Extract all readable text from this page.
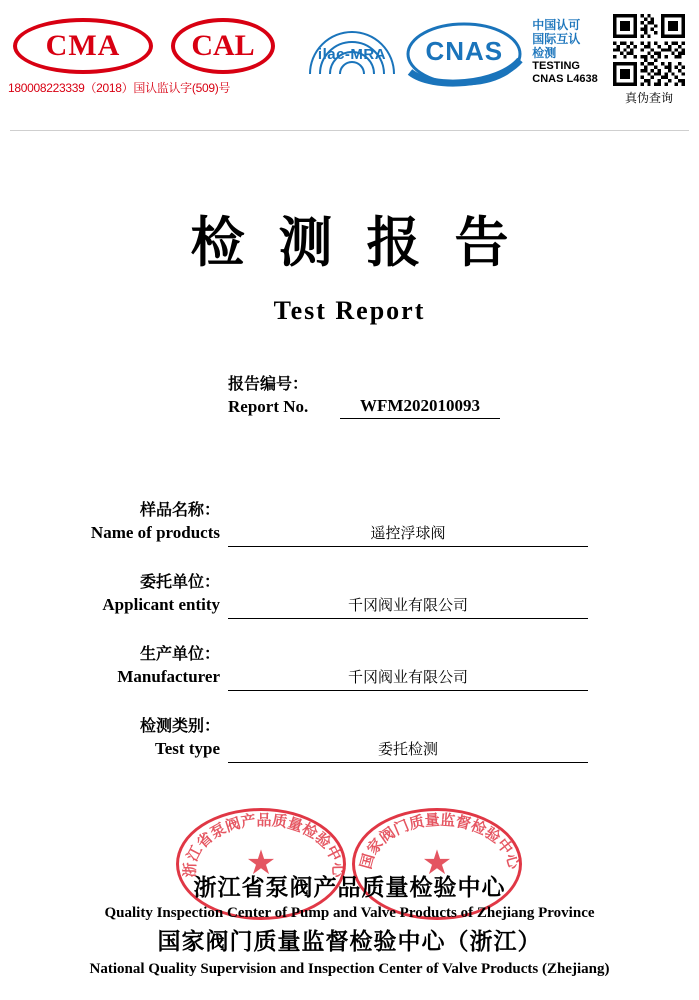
CMA
180008223339（2018）国认监认字(509)号
CAL	ilac-MRA	CNAS

中国认可
国际互认
检测
TESTING
CNAS L4638
真伪查询
检测报告
Test Report
报告编号：
Report No.	WFM202010093
样品名称：
Name of products	遥控浮球阀
委托单位：
Applicant entity	千冈阀业有限公司
生产单位：
Manufacturer	千冈阀业有限公司
检测类别：
Test type	委托检测
★
浙江省泵阀产品质量检验中心 ★
国家阀门质量监督检验中心
浙江省泵阀产品质量检验中心
Quality Inspection Center of Pump and Valve Products of Zhejiang Province
国家阀门质量监督检验中心（浙江）
National Quality Supervision and Inspection Center of Valve Products (Zhejiang)
